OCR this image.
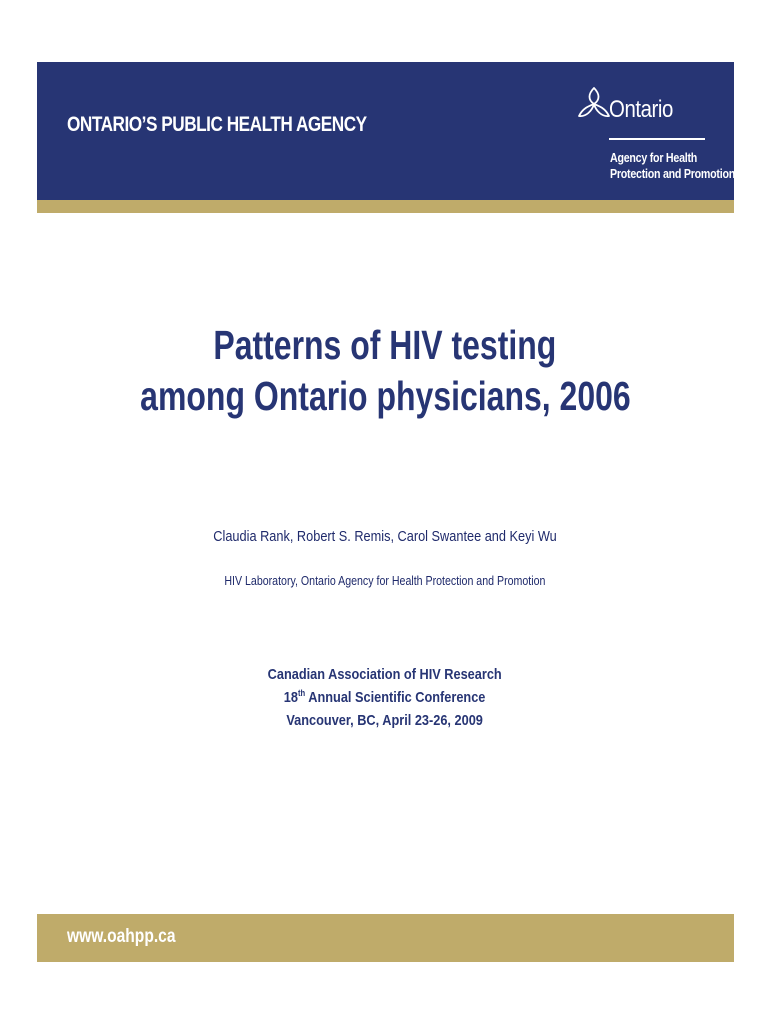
ONTARIO’S PUBLIC HEALTH AGENCY
Ontario
Agency for Health
Protection and Promotion
Patterns of HIV testing
among Ontario physicians, 2006
Claudia Rank, Robert S. Remis, Carol Swantee and Keyi Wu
HIV Laboratory, Ontario Agency for Health Protection and Promotion
Canadian Association of HIV Research
18th Annual Scientific Conference
Vancouver, BC, April 23-26, 2009
www.oahpp.ca
